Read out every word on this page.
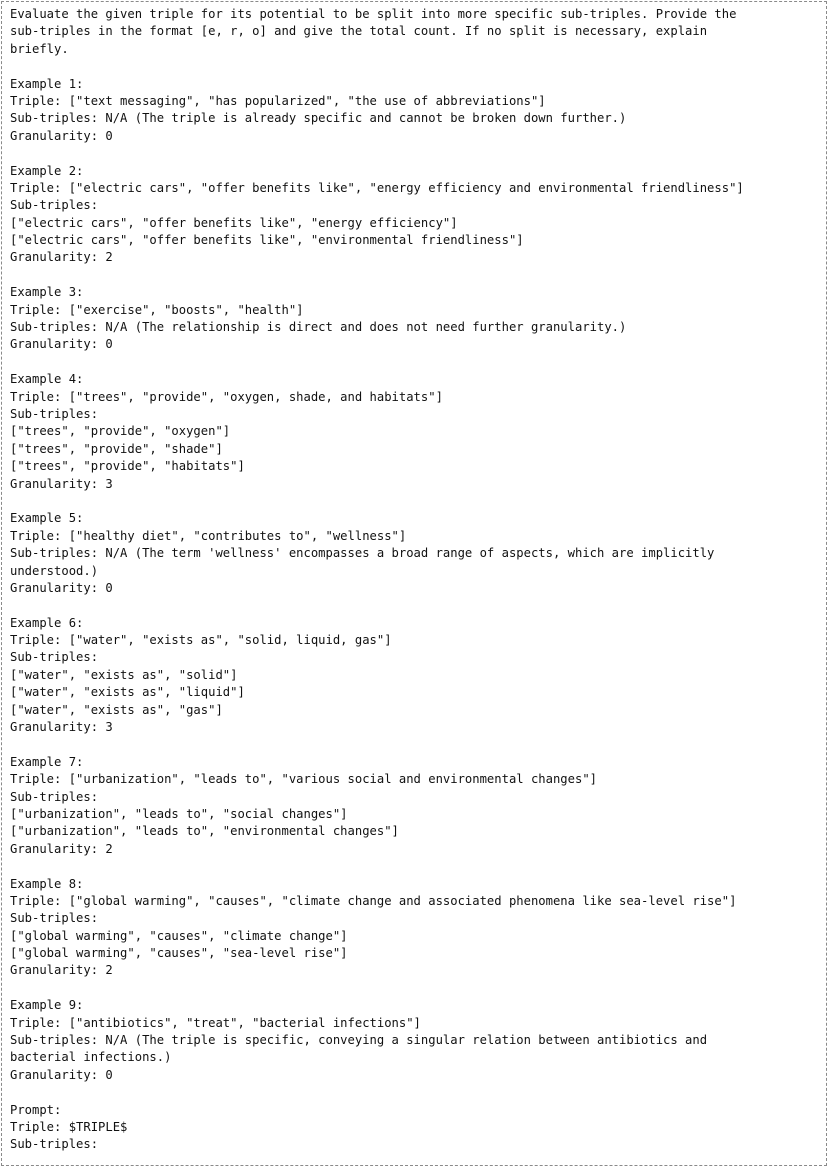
Evaluate the given triple for its potential to be split into more specific sub-triples. Provide the
sub-triples in the format [e, r, o] and give the total count. If no split is necessary, explain
briefly.
Example 1:
Triple: ["text messaging", "has popularized", "the use of abbreviations"]
Sub-triples: N/A (The triple is already specific and cannot be broken down further.)
Granularity: 0
Example 2:
Triple: ["electric cars", "offer benefits like", "energy efficiency and environmental friendliness"]
Sub-triples:
["electric cars", "offer benefits like", "energy efficiency"]
["electric cars", "offer benefits like", "environmental friendliness"]
Granularity: 2
Example 3:
Triple: ["exercise", "boosts", "health"]
Sub-triples: N/A (The relationship is direct and does not need further granularity.)
Granularity: 0
Example 4:
Triple: ["trees", "provide", "oxygen, shade, and habitats"]
Sub-triples:
["trees", "provide", "oxygen"]
["trees", "provide", "shade"]
["trees", "provide", "habitats"]
Granularity: 3
Example 5:
Triple: ["healthy diet", "contributes to", "wellness"]
Sub-triples: N/A (The term 'wellness' encompasses a broad range of aspects, which are implicitly
understood.)
Granularity: 0
Example 6:
Triple: ["water", "exists as", "solid, liquid, gas"]
Sub-triples:
["water", "exists as", "solid"]
["water", "exists as", "liquid"]
["water", "exists as", "gas"]
Granularity: 3
Example 7:
Triple: ["urbanization", "leads to", "various social and environmental changes"]
Sub-triples:
["urbanization", "leads to", "social changes"]
["urbanization", "leads to", "environmental changes"]
Granularity: 2
Example 8:
Triple: ["global warming", "causes", "climate change and associated phenomena like sea-level rise"]
Sub-triples:
["global warming", "causes", "climate change"]
["global warming", "causes", "sea-level rise"]
Granularity: 2
Example 9:
Triple: ["antibiotics", "treat", "bacterial infections"]
Sub-triples: N/A (The triple is specific, conveying a singular relation between antibiotics and
bacterial infections.)
Granularity: 0
Prompt:
Triple: $TRIPLE$
Sub-triples:
